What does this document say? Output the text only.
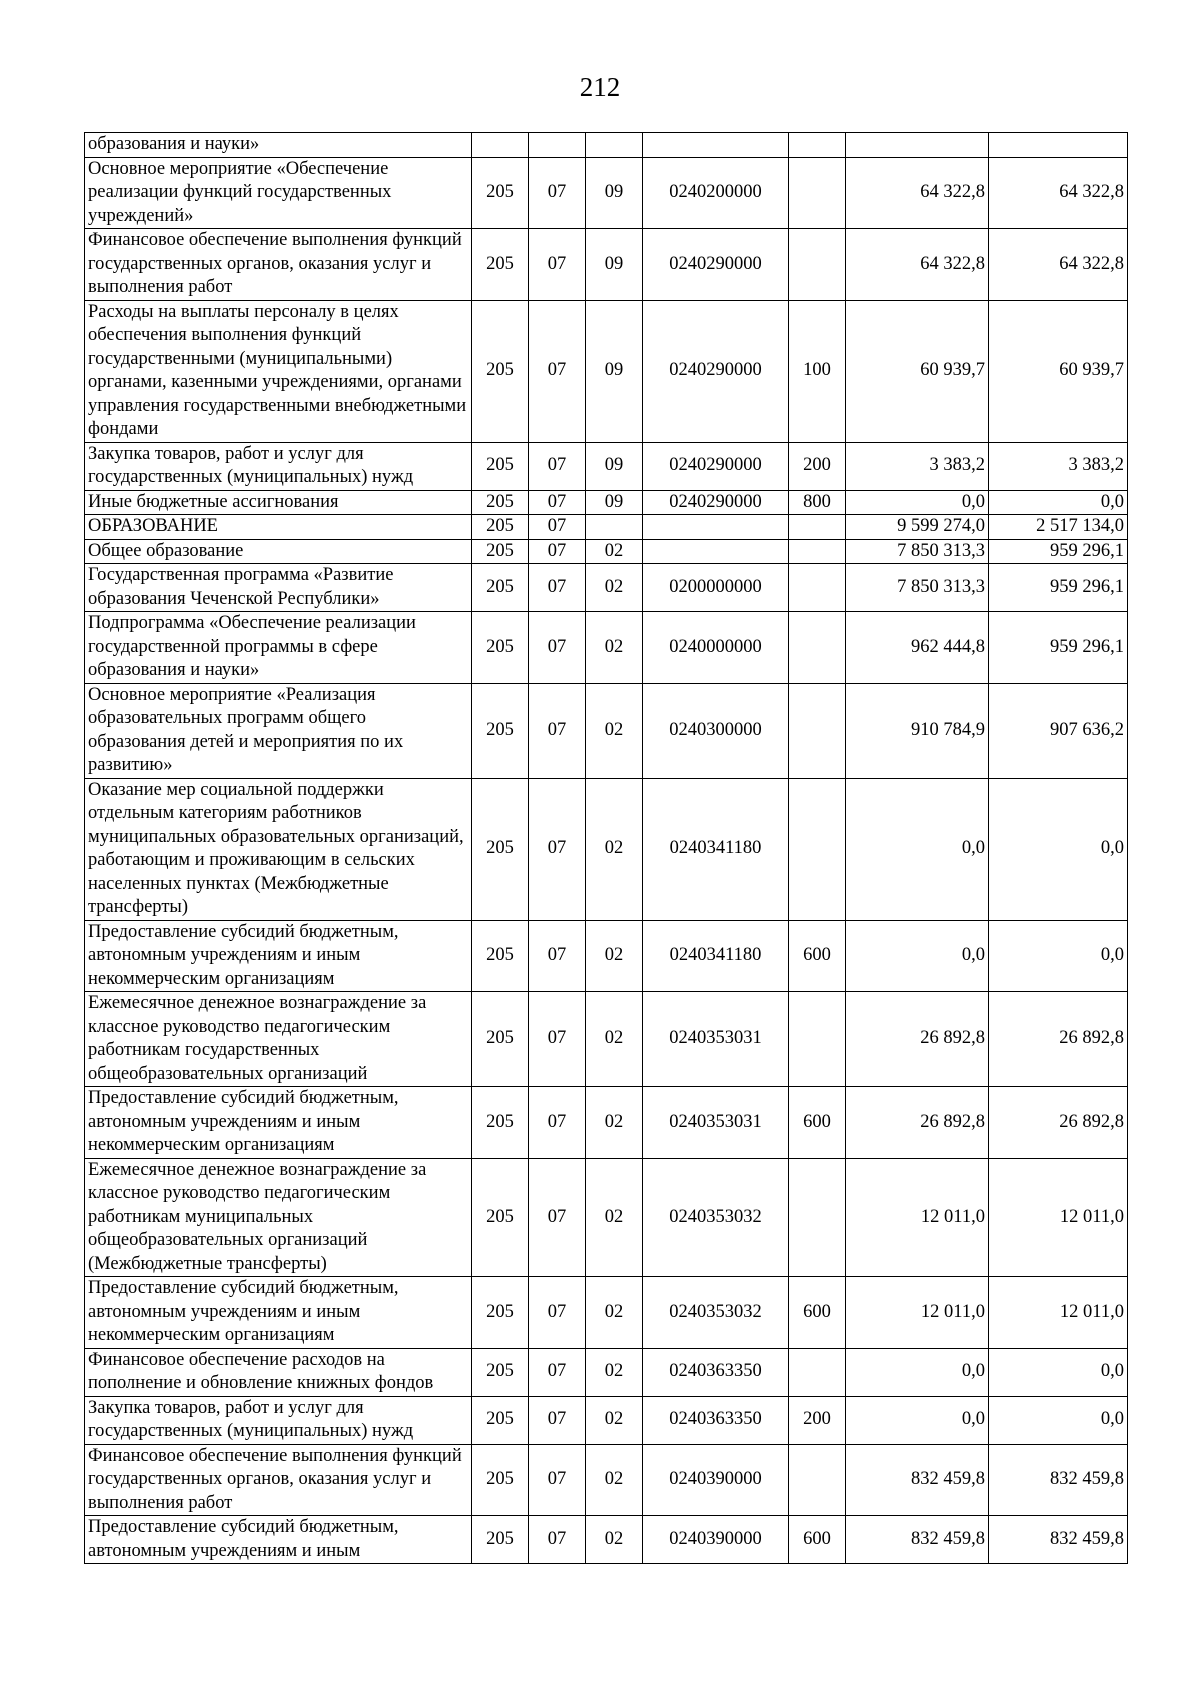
212
образования и науки»							
Основное мероприятие «Обеспечение реализации функций государственных учреждений»	205	07	09	0240200000		64 322,8	64 322,8
Финансовое обеспечение выполнения функций государственных органов, оказания услуг и выполнения работ	205	07	09	0240290000		64 322,8	64 322,8
Расходы на выплаты персоналу в целях обеспечения выполнения функций государственными (муниципальными) органами, казенными учреждениями, органами управления государственными внебюджетными фондами	205	07	09	0240290000	100	60 939,7	60 939,7
Закупка товаров, работ и услуг для государственных (муниципальных) нужд	205	07	09	0240290000	200	3 383,2	3 383,2
Иные бюджетные ассигнования	205	07	09	0240290000	800	0,0	0,0
ОБРАЗОВАНИЕ	205	07				9 599 274,0	2 517 134,0
Общее образование	205	07	02			7 850 313,3	959 296,1
Государственная программа «Развитие образования Чеченской Республики»	205	07	02	0200000000		7 850 313,3	959 296,1
Подпрограмма «Обеспечение реализации государственной программы в сфере образования и науки»	205	07	02	0240000000		962 444,8	959 296,1
Основное мероприятие «Реализация образовательных программ общего образования детей и мероприятия по их развитию»	205	07	02	0240300000		910 784,9	907 636,2
Оказание мер социальной поддержки отдельным категориям работников муниципальных образовательных организаций, работающим и проживающим в сельских населенных пунктах (Межбюджетные трансферты)	205	07	02	0240341180		0,0	0,0
Предоставление субсидий бюджетным, автономным учреждениям и иным некоммерческим организациям	205	07	02	0240341180	600	0,0	0,0
Ежемесячное денежное вознаграждение за классное руководство педагогическим работникам государственных общеобразовательных организаций	205	07	02	0240353031		26 892,8	26 892,8
Предоставление субсидий бюджетным, автономным учреждениям и иным некоммерческим организациям	205	07	02	0240353031	600	26 892,8	26 892,8
Ежемесячное денежное вознаграждение за классное руководство педагогическим работникам муниципальных общеобразовательных организаций (Межбюджетные трансферты)	205	07	02	0240353032		12 011,0	12 011,0
Предоставление субсидий бюджетным, автономным учреждениям и иным некоммерческим организациям	205	07	02	0240353032	600	12 011,0	12 011,0
Финансовое обеспечение расходов на пополнение и обновление книжных фондов	205	07	02	0240363350		0,0	0,0
Закупка товаров, работ и услуг для государственных (муниципальных) нужд	205	07	02	0240363350	200	0,0	0,0
Финансовое обеспечение выполнения функций государственных органов, оказания услуг и выполнения работ	205	07	02	0240390000		832 459,8	832 459,8
Предоставление субсидий бюджетным, автономным учреждениям и иным	205	07	02	0240390000	600	832 459,8	832 459,8
